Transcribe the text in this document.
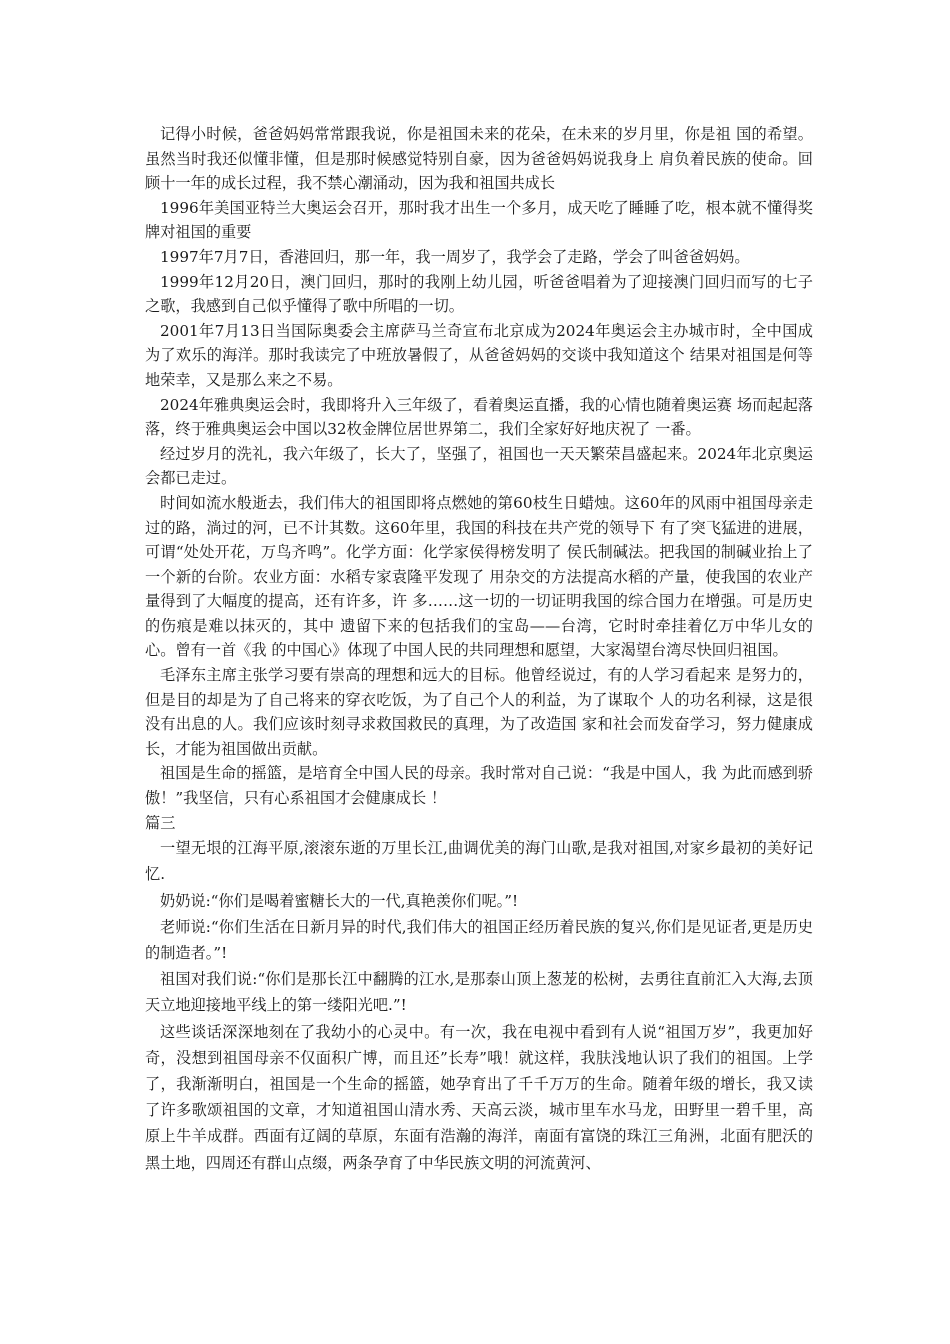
记得小时候，爸爸妈妈常常跟我说，你是祖国未来的花朵，在未来的岁月里，你是祖 国的希望。虽然当时我还似懂非懂，但是那时候感觉特别自豪，因为爸爸妈妈说我身上 肩负着民族的使命。回顾十一年的成长过程，我不禁心潮涌动，因为我和祖国共成长

1996年美国亚特兰大奥运会召开，那时我才出生一个多月，成天吃了睡睡了吃，根本就不懂得奖牌对祖国的重要

1997年7月7日，香港回归，那一年，我一周岁了，我学会了走路，学会了叫爸爸妈妈。

1999年12月20日，澳门回归，那时的我刚上幼儿园，听爸爸唱着为了迎接澳门回归而写的七子之歌，我感到自己似乎懂得了歌中所唱的一切。

2001年7月13日当国际奥委会主席萨马兰奇宣布北京成为2024年奥运会主办城市时，全中国成为了欢乐的海洋。那时我读完了中班放暑假了，从爸爸妈妈的交谈中我知道这个 结果对祖国是何等地荣幸，又是那么来之不易。

2024年雅典奥运会时，我即将升入三年级了，看着奥运直播，我的心情也随着奥运赛 场而起起落落，终于雅典奥运会中国以32枚金牌位居世界第二，我们全家好好地庆祝了 一番。

经过岁月的洗礼，我六年级了，长大了，坚强了，祖国也一天天繁荣昌盛起来。2024年北京奥运会都已走过。

时间如流水般逝去，我们伟大的祖国即将点燃她的第60枝生日蜡烛。这60年的风雨中祖国母亲走过的路，淌过的河，已不计其数。这60年里，我国的科技在共产党的领导下 有了突飞猛进的进展，可谓“处处开花，万鸟齐鸣”。化学方面：化学家侯得榜发明了 侯氏制碱法。把我国的制碱业抬上了一个新的台阶。农业方面：水稻专家袁隆平发现了 用杂交的方法提高水稻的产量，使我国的农业产量得到了大幅度的提高，还有许多，许 多……这一切的一切证明我国的综合国力在增强。可是历史的伤痕是难以抹灭的，其中 遗留下来的包括我们的宝岛——台湾，它时时牵挂着亿万中华儿女的心。曾有一首《我 的中国心》体现了中国人民的共同理想和愿望，大家渴望台湾尽快回归祖国。

毛泽东主席主张学习要有崇高的理想和远大的目标。他曾经说过，有的人学习看起来 是努力的，但是目的却是为了自己将来的穿衣吃饭，为了自己个人的利益，为了谋取个 人的功名利禄，这是很没有出息的人。我们应该时刻寻求救国救民的真理，为了改造国 家和社会而发奋学习，努力健康成长，才能为祖国做出贡献。

祖国是生命的摇篮，是培育全中国人民的母亲。我时常对自己说：“我是中国人，我 为此而感到骄傲！”我坚信，只有心系祖国才会健康成长 ！

篇三

一望无垠的江海平原,滚滚东逝的万里长江,曲调优美的海门山歌,是我对祖国,对家乡最初的美好记忆.

奶奶说:“你们是喝着蜜糖长大的一代,真艳羡你们呢。”!

老师说:“你们生活在日新月异的时代,我们伟大的祖国正经历着民族的复兴,你们是见证者,更是历史的制造者。”!

祖国对我们说:“你们是那长江中翻腾的江水,是那泰山顶上葱茏的松树，去勇往直前汇入大海,去顶天立地迎接地平线上的第一缕阳光吧.”!

这些谈话深深地刻在了我幼小的心灵中。有一次，我在电视中看到有人说“祖国万岁”，我更加好奇，没想到祖国母亲不仅面积广博，而且还”长寿”哦！就这样，我肤浅地认识了我们的祖国。上学了，我渐渐明白，祖国是一个生命的摇篮，她孕育出了千千万万的生命。随着年级的增长，我又读了许多歌颂祖国的文章，才知道祖国山清水秀、天高云淡，城市里车水马龙，田野里一碧千里，高原上牛羊成群。西面有辽阔的草原，东面有浩瀚的海洋，南面有富饶的珠江三角洲，北面有肥沃的黑土地，四周还有群山点缀，两条孕育了中华民族文明的河流黄河、
